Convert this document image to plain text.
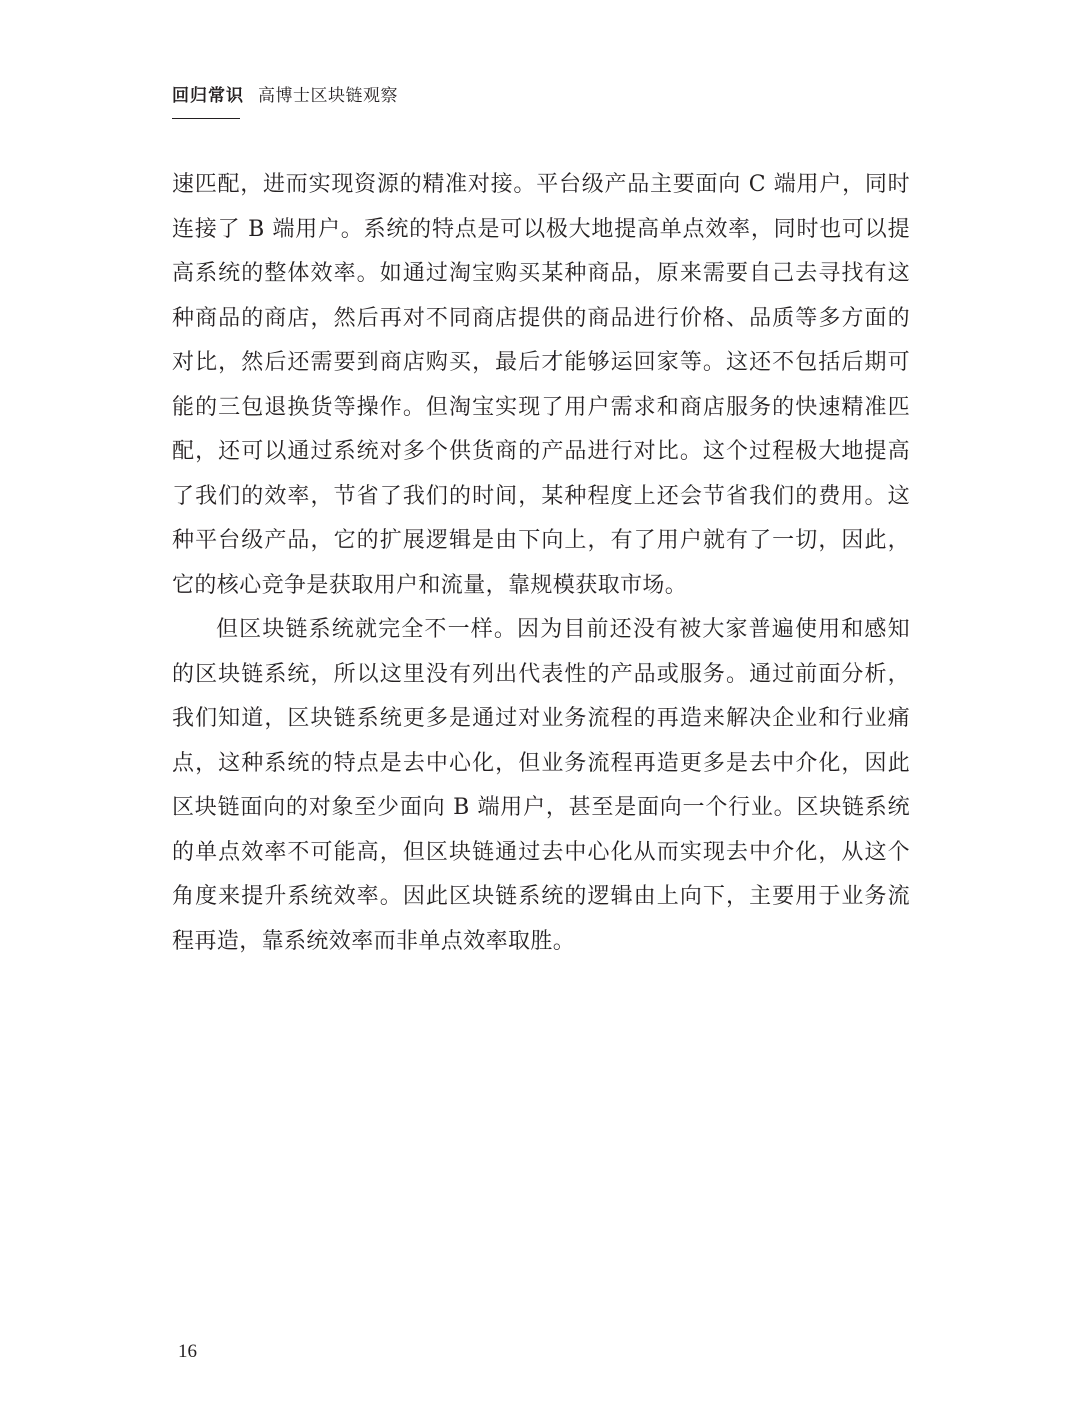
回归常识 高博士区块链观察

速匹配，进而实现资源的精准对接。平台级产品主要面向 C 端用户，同时连接了 B 端用户。系统的特点是可以极大地提高单点效率，同时也可以提高系统的整体效率。如通过淘宝购买某种商品，原来需要自己去寻找有这种商品的商店，然后再对不同商店提供的商品进行价格、品质等多方面的对比，然后还需要到商店购买，最后才能够运回家等。这还不包括后期可能的三包退换货等操作。但淘宝实现了用户需求和商店服务的快速精准匹配，还可以通过系统对多个供货商的产品进行对比。这个过程极大地提高了我们的效率，节省了我们的时间，某种程度上还会节省我们的费用。这种平台级产品，它的扩展逻辑是由下向上，有了用户就有了一切，因此，它的核心竞争是获取用户和流量，靠规模获取市场。

但区块链系统就完全不一样。因为目前还没有被大家普遍使用和感知的区块链系统，所以这里没有列出代表性的产品或服务。通过前面分析，我们知道，区块链系统更多是通过对业务流程的再造来解决企业和行业痛点，这种系统的特点是去中心化，但业务流程再造更多是去中介化，因此区块链面向的对象至少面向 B 端用户，甚至是面向一个行业。区块链系统的单点效率不可能高，但区块链通过去中心化从而实现去中介化，从这个角度来提升系统效率。因此区块链系统的逻辑由上向下，主要用于业务流程再造，靠系统效率而非单点效率取胜。

16
